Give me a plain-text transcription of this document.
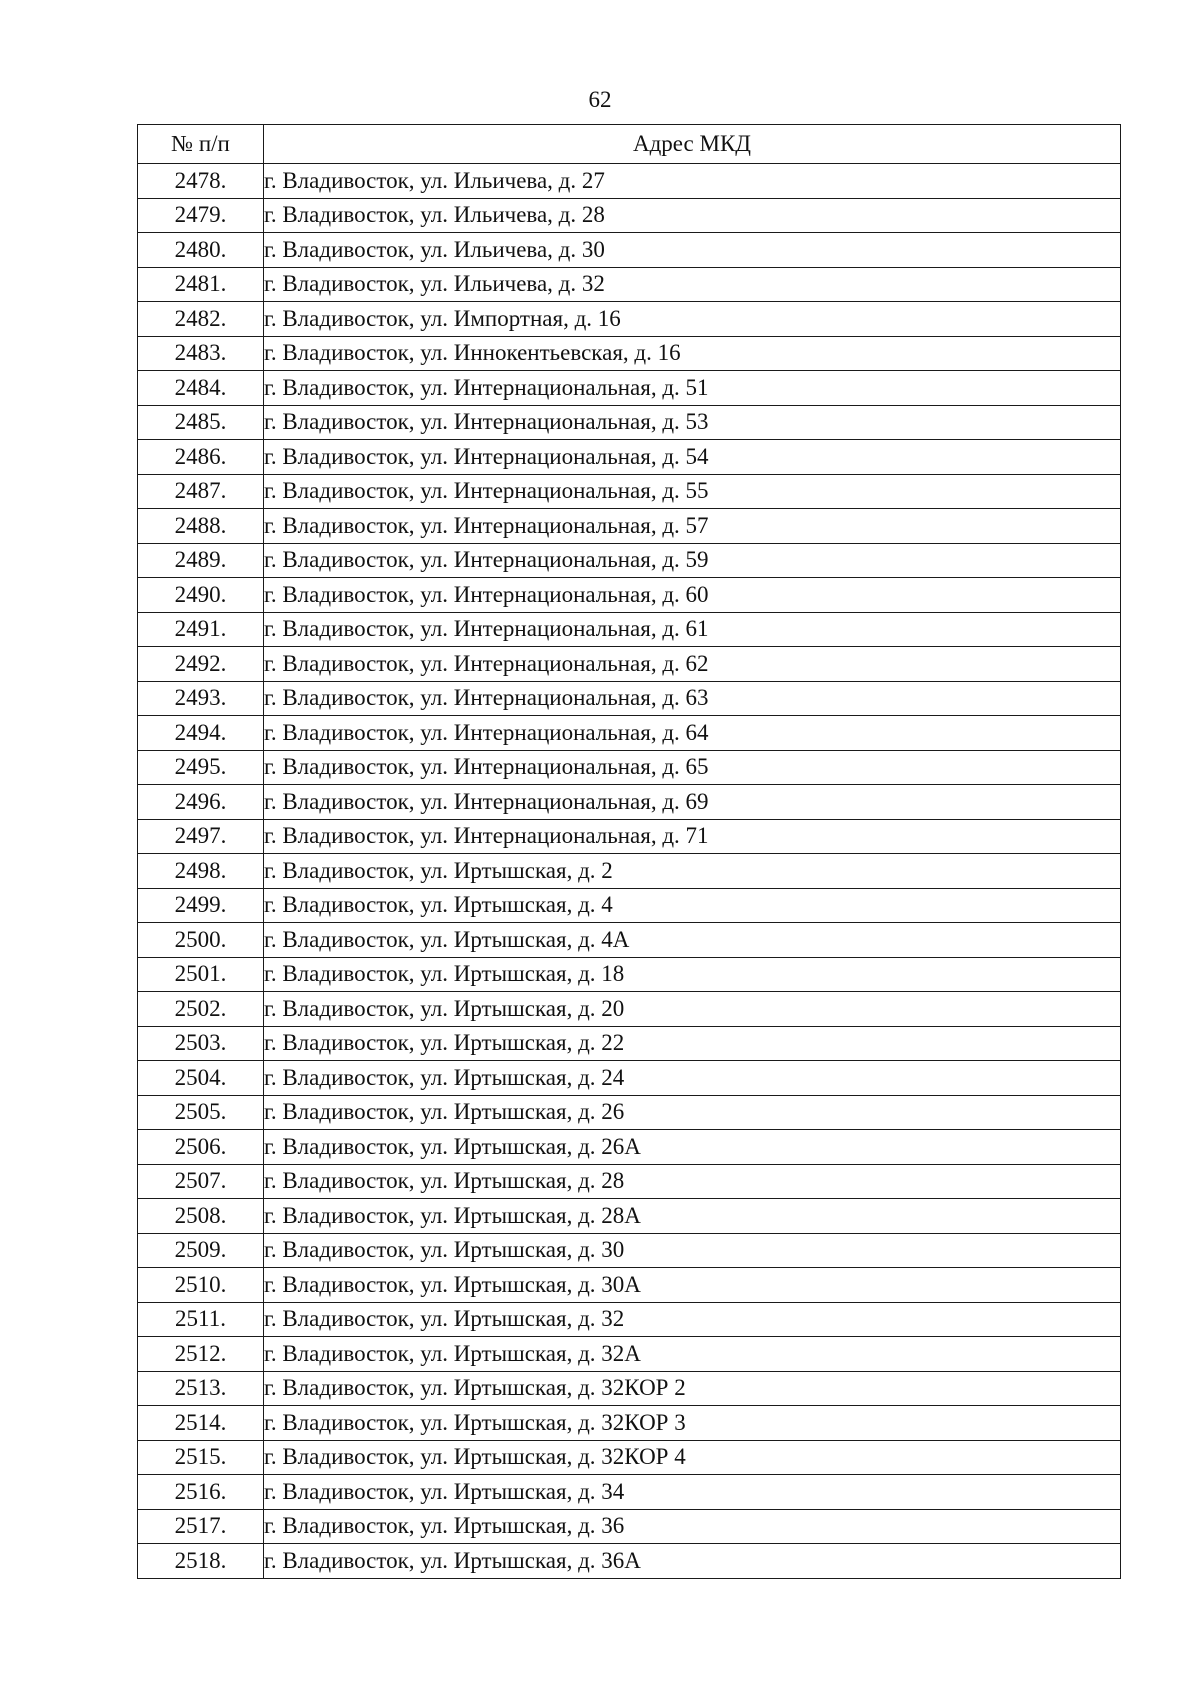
62
№ п/п	Адрес МКД
2478.	г. Владивосток, ул. Ильичева, д. 27
2479.	г. Владивосток, ул. Ильичева, д. 28
2480.	г. Владивосток, ул. Ильичева, д. 30
2481.	г. Владивосток, ул. Ильичева, д. 32
2482.	г. Владивосток, ул. Импортная, д. 16
2483.	г. Владивосток, ул. Иннокентьевская, д. 16
2484.	г. Владивосток, ул. Интернациональная, д. 51
2485.	г. Владивосток, ул. Интернациональная, д. 53
2486.	г. Владивосток, ул. Интернациональная, д. 54
2487.	г. Владивосток, ул. Интернациональная, д. 55
2488.	г. Владивосток, ул. Интернациональная, д. 57
2489.	г. Владивосток, ул. Интернациональная, д. 59
2490.	г. Владивосток, ул. Интернациональная, д. 60
2491.	г. Владивосток, ул. Интернациональная, д. 61
2492.	г. Владивосток, ул. Интернациональная, д. 62
2493.	г. Владивосток, ул. Интернациональная, д. 63
2494.	г. Владивосток, ул. Интернациональная, д. 64
2495.	г. Владивосток, ул. Интернациональная, д. 65
2496.	г. Владивосток, ул. Интернациональная, д. 69
2497.	г. Владивосток, ул. Интернациональная, д. 71
2498.	г. Владивосток, ул. Иртышская, д. 2
2499.	г. Владивосток, ул. Иртышская, д. 4
2500.	г. Владивосток, ул. Иртышская, д. 4А
2501.	г. Владивосток, ул. Иртышская, д. 18
2502.	г. Владивосток, ул. Иртышская, д. 20
2503.	г. Владивосток, ул. Иртышская, д. 22
2504.	г. Владивосток, ул. Иртышская, д. 24
2505.	г. Владивосток, ул. Иртышская, д. 26
2506.	г. Владивосток, ул. Иртышская, д. 26А
2507.	г. Владивосток, ул. Иртышская, д. 28
2508.	г. Владивосток, ул. Иртышская, д. 28А
2509.	г. Владивосток, ул. Иртышская, д. 30
2510.	г. Владивосток, ул. Иртышская, д. 30А
2511.	г. Владивосток, ул. Иртышская, д. 32
2512.	г. Владивосток, ул. Иртышская, д. 32А
2513.	г. Владивосток, ул. Иртышская, д. 32КОР 2
2514.	г. Владивосток, ул. Иртышская, д. 32КОР 3
2515.	г. Владивосток, ул. Иртышская, д. 32КОР 4
2516.	г. Владивосток, ул. Иртышская, д. 34
2517.	г. Владивосток, ул. Иртышская, д. 36
2518.	г. Владивосток, ул. Иртышская, д. 36А
